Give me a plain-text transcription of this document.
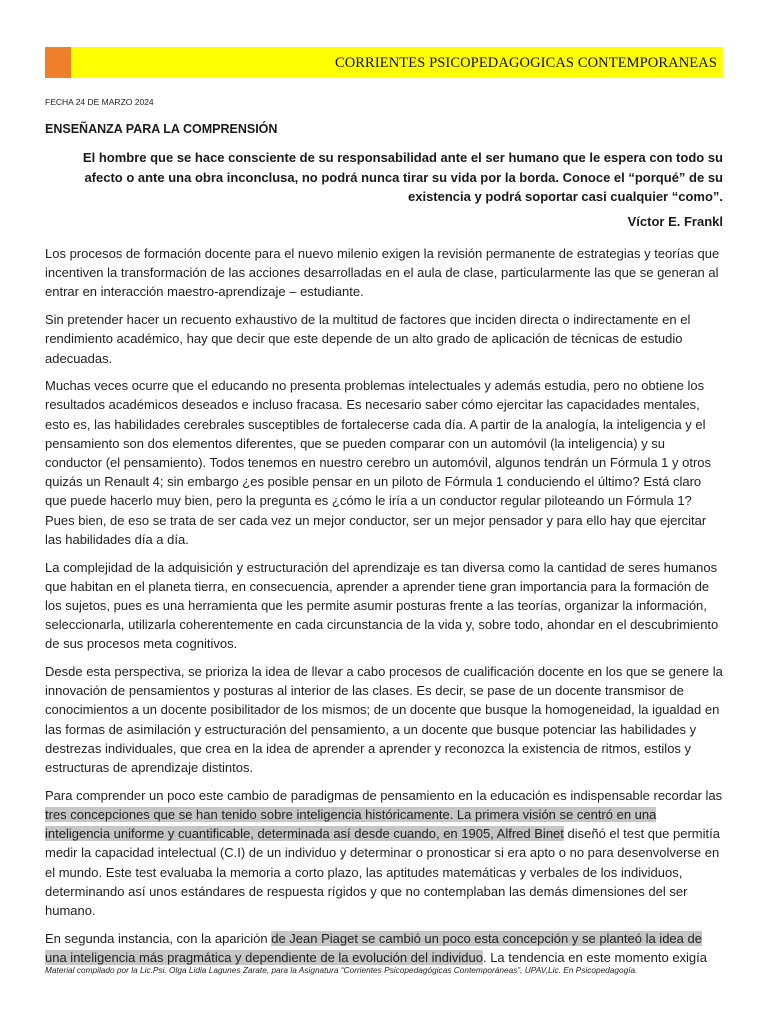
CORRIENTES PSICOPEDAGOGICAS CONTEMPORANEAS
FECHA 24 DE MARZO 2024
ENSEÑANZA PARA LA COMPRENSIÓN

El hombre que se hace consciente de su responsabilidad ante el ser humano que le espera con todo su afecto o ante una obra inconclusa, no podrá nunca tirar su vida por la borda. Conoce el “porqué” de su existencia y podrá soportar casi cualquier “como”.

Víctor E. Frankl

Los procesos de formación docente para el nuevo milenio exigen la revisión permanente de estrategias y teorías que incentiven la transformación de las acciones desarrolladas en el aula de clase, particularmente las que se generan al entrar en interacción maestro-aprendizaje – estudiante.

Sin pretender hacer un recuento exhaustivo de la multitud de factores que inciden directa o indirectamente en el rendimiento académico, hay que decir que este depende de un alto grado de aplicación de técnicas de estudio adecuadas.

Muchas veces ocurre que el educando no presenta problemas intelectuales y además estudia, pero no obtiene los resultados académicos deseados e incluso fracasa. Es necesario saber cómo ejercitar las capacidades mentales, esto es, las habilidades cerebrales susceptibles de fortalecerse cada día. A partir de la analogía, la inteligencia y el pensamiento son dos elementos diferentes, que se pueden comparar con un automóvil (la inteligencia) y su conductor (el pensamiento). Todos tenemos en nuestro cerebro un automóvil, algunos tendrán un Fórmula 1 y otros quizás un Renault 4; sin embargo ¿es posible pensar en un piloto de Fórmula 1 conduciendo el último? Está claro que puede hacerlo muy bien, pero la pregunta es ¿cómo le iría a un conductor regular piloteando un Fórmula 1? Pues bien, de eso se trata de ser cada vez un mejor conductor, ser un mejor pensador y para ello hay que ejercitar las habilidades día a día.

La complejidad de la adquisición y estructuración del aprendizaje es tan diversa como la cantidad de seres humanos que habitan en el planeta tierra, en consecuencia, aprender a aprender tiene gran importancia para la formación de los sujetos, pues es una herramienta que les permite asumir posturas frente a las teorías, organizar la información, seleccionarla, utilizarla coherentemente en cada circunstancia de la vida y, sobre todo, ahondar en el descubrimiento de sus procesos meta cognitivos.

Desde esta perspectiva, se prioriza la idea de llevar a cabo procesos de cualificación docente en los que se genere la innovación de pensamientos y posturas al interior de las clases. Es decir, se pase de un docente transmisor de conocimientos a un docente posibilitador de los mismos; de un docente que busque la homogeneidad, la igualdad en las formas de asimilación y estructuración del pensamiento, a un docente que busque potenciar las habilidades y destrezas individuales, que crea en la idea de aprender a aprender y reconozca la existencia de ritmos, estilos y estructuras de aprendizaje distintos.

Para comprender un poco este cambio de paradigmas de pensamiento en la educación es indispensable recordar las tres concepciones que se han tenido sobre inteligencia históricamente. La primera visión se centró en una inteligencia uniforme y cuantificable, determinada así desde cuando, en 1905, Alfred Binet diseñó el test que permitía medir la capacidad intelectual (C.I) de un individuo y determinar o pronosticar si era apto o no para desenvolverse en el mundo. Este test evaluaba la memoria a corto plazo, las aptitudes matemáticas y verbales de los individuos, determinando así unos estándares de respuesta rígidos y que no contemplaban las demás dimensiones del ser humano.

En segunda instancia, con la aparición de Jean Piaget se cambió un poco esta concepción y se planteó la idea de una inteligencia más pragmática y dependiente de la evolución del individuo. La tendencia en este momento exigía

Material compilado por la Lic.Psi. Olga Lidia Lagunes Zarate, para la Asignatura “Corrientes Psicopedagógicas Contemporáneas”, UPAV,Lic. En Psicopedagogía.
